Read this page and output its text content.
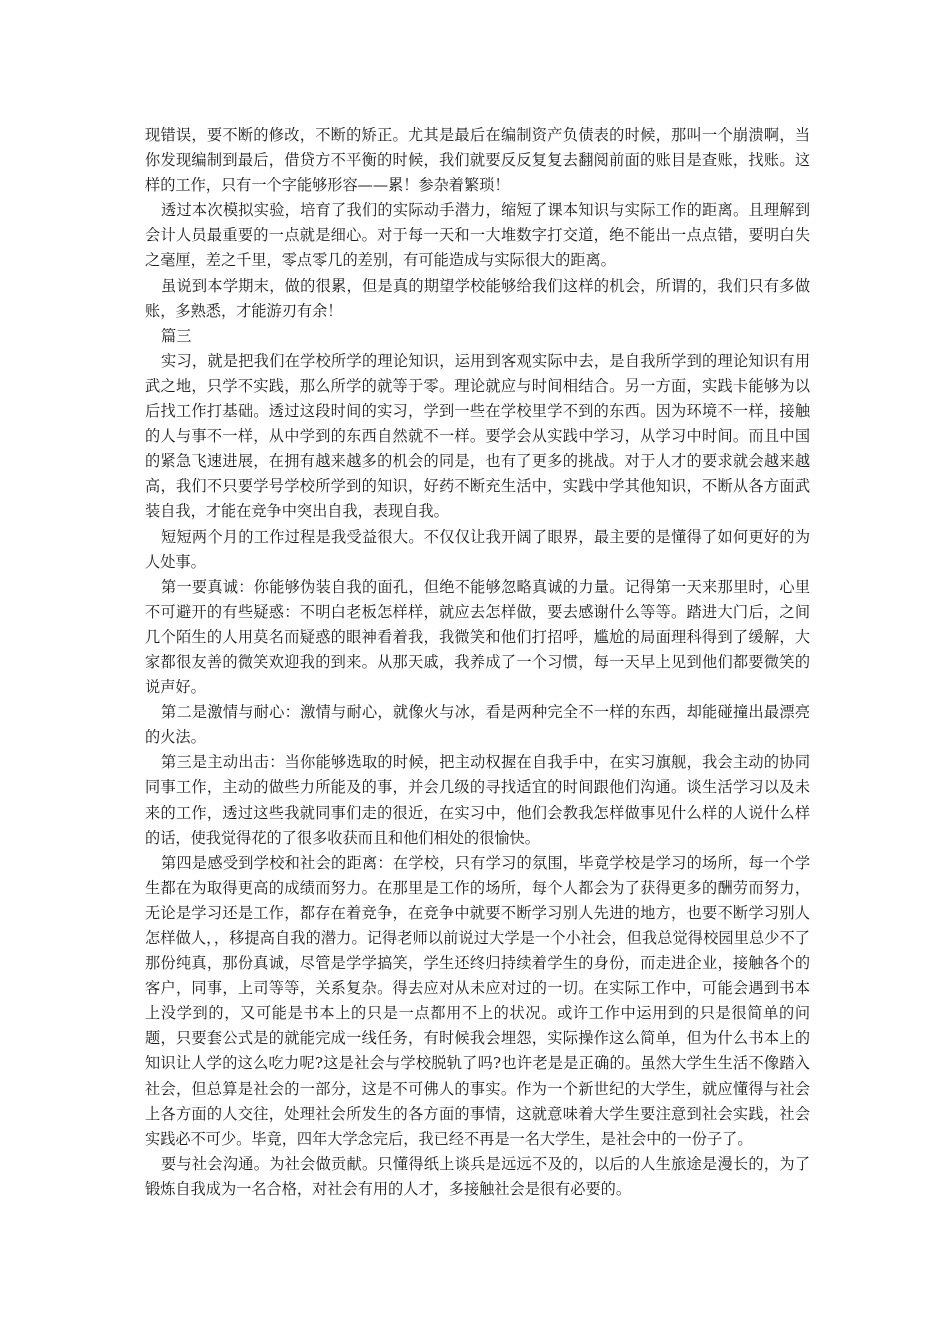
现错误，要不断的修改，不断的矫正。尤其是最后在编制资产负债表的时候，那叫一个崩溃啊，当你发现编制到最后，借贷方不平衡的时候，我们就要反反复复去翻阅前面的账目是查账，找账。这样的工作，只有一个字能够形容——累！参杂着繁琐！

透过本次模拟实验，培育了我们的实际动手潜力，缩短了课本知识与实际工作的距离。且理解到会计人员最重要的一点就是细心。对于每一天和一大堆数字打交道，绝不能出一点点错，要明白失之毫厘，差之千里，零点零几的差别，有可能造成与实际很大的距离。

虽说到本学期末，做的很累，但是真的期望学校能够给我们这样的机会，所谓的，我们只有多做账，多熟悉，才能游刃有余！

篇三

实习，就是把我们在学校所学的理论知识，运用到客观实际中去，是自我所学到的理论知识有用武之地，只学不实践，那么所学的就等于零。理论就应与时间相结合。另一方面，实践卡能够为以后找工作打基础。透过这段时间的实习，学到一些在学校里学不到的东西。因为环境不一样，接触的人与事不一样，从中学到的东西自然就不一样。要学会从实践中学习，从学习中时间。而且中国的紧急飞速进展，在拥有越来越多的机会的同是，也有了更多的挑战。对于人才的要求就会越来越高，我们不只要学号学校所学到的知识，好药不断充生活中，实践中学其他知识，不断从各方面武装自我，才能在竞争中突出自我，表现自我。

短短两个月的工作过程是我受益很大。不仅仅让我开阔了眼界，最主要的是懂得了如何更好的为人处事。

第一要真诚：你能够伪装自我的面孔，但绝不能够忽略真诚的力量。记得第一天来那里时，心里不可避开的有些疑惑：不明白老板怎样样，就应去怎样做，要去感谢什么等等。踏进大门后，之间几个陌生的人用莫名而疑惑的眼神看着我，我微笑和他们打招呼，尴尬的局面理科得到了缓解，大家都很友善的微笑欢迎我的到来。从那天戚，我养成了一个习惯，每一天早上见到他们都要微笑的说声好。

第二是激情与耐心：激情与耐心，就像火与冰，看是两种完全不一样的东西，却能碰撞出最漂亮的火法。

第三是主动出击：当你能够选取的时候，把主动权握在自我手中，在实习旗舰，我会主动的协同同事工作，主动的做些力所能及的事，并会几级的寻找适宜的时间跟他们沟通。谈生活学习以及未来的工作，透过这些我就同事们走的很近，在实习中，他们会教我怎样做事见什么样的人说什么样的话，使我觉得花的了很多收获而且和他们相处的很愉快。

第四是感受到学校和社会的距离：在学校，只有学习的氛围，毕竟学校是学习的场所，每一个学生都在为取得更高的成绩而努力。在那里是工作的场所，每个人都会为了获得更多的酬劳而努力，无论是学习还是工作，都存在着竞争，在竞争中就要不断学习别人先进的地方，也要不断学习别人怎样做人，，移提高自我的潜力。记得老师以前说过大学是一个小社会，但我总觉得校园里总少不了那份纯真，那份真诚，尽管是学学搞笑，学生还终归持续着学生的身份，而走进企业，接触各个的客户，同事，上司等等，关系复杂。得去应对从未应对过的一切。在实际工作中，可能会遇到书本上没学到的，又可能是书本上的只是一点都用不上的状况。或许工作中运用到的只是很简单的问题，只要套公式是的就能完成一线任务，有时候我会埋怨，实际操作这么简单，但为什么书本上的知识让人学的这么吃力呢?这是社会与学校脱轨了吗?也许老是是正确的。虽然大学生生活不像踏入社会，但总算是社会的一部分，这是不可佛人的事实。作为一个新世纪的大学生，就应懂得与社会上各方面的人交往，处理社会所发生的各方面的事情，这就意味着大学生要注意到社会实践，社会实践必不可少。毕竟，四年大学念完后，我已经不再是一名大学生，是社会中的一份子了。

要与社会沟通。为社会做贡献。只懂得纸上谈兵是远远不及的，以后的人生旅途是漫长的，为了锻炼自我成为一名合格，对社会有用的人才，多接触社会是很有必要的。
